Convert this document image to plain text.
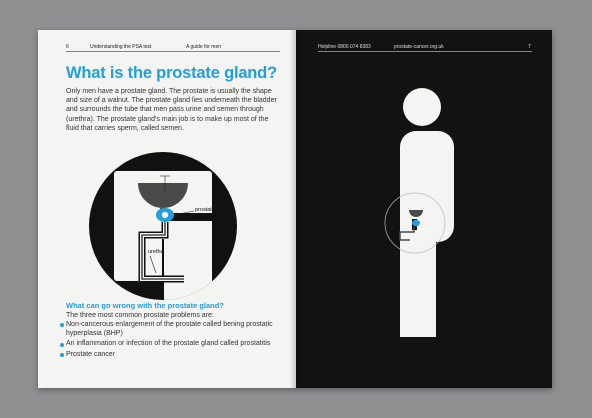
6	Understanding the PSA test	A guide for men
What is the prostate gland?

Only men have a prostate gland. The prostate is usually the shape and size of a walnut. The prostate gland lies underneath the bladder and surrounds the tube that men pass urine and semen through (urethra). The prostate gland's main job is to make up most of the fluid that carries sperm, called semen.

bladder
prostate
gland
uretha
What can go wrong with the prostate gland?
The three most common prostate problems are:
Non-cancerous enlargement of the prostate called bening prostatic hyperplasia (BHP)
An inflammation or infection of the prostate gland called prostatitis
Prostate cancer
Helpline 0800 074 8383	prostate-cancer.org.uk	7
